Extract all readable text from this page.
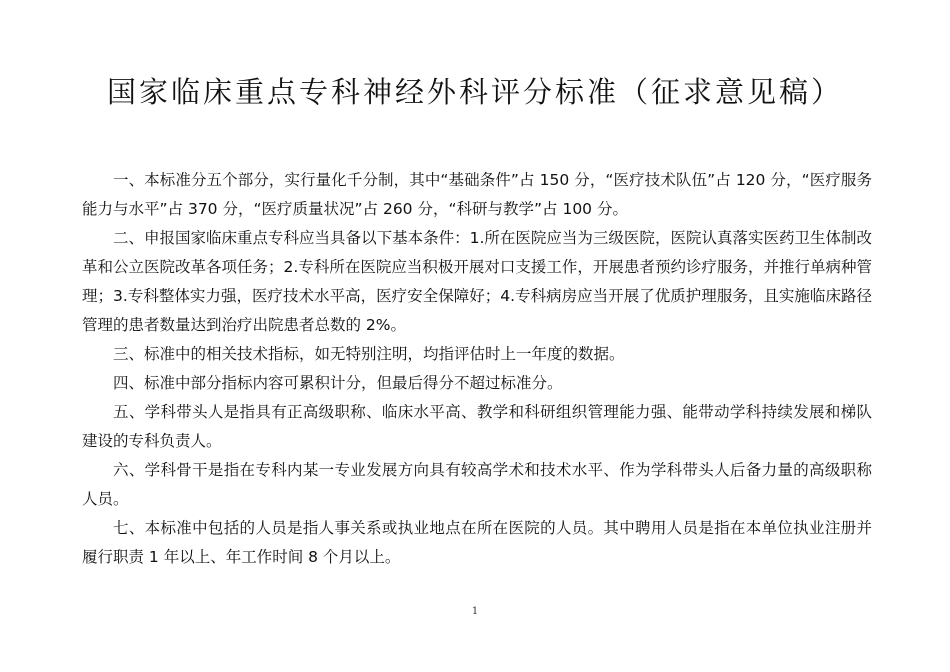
国家临床重点专科神经外科评分标准（征求意见稿）

一、本标准分五个部分，实行量化千分制，其中“基础条件”占 150 分，“医疗技术队伍”占 120 分，“医疗服务能力与水平”占 370 分，“医疗质量状况”占 260 分，“科研与教学”占 100 分。

二、申报国家临床重点专科应当具备以下基本条件：1.所在医院应当为三级医院，医院认真落实医药卫生体制改革和公立医院改革各项任务；2.专科所在医院应当积极开展对口支援工作，开展患者预约诊疗服务，并推行单病种管理；3.专科整体实力强，医疗技术水平高，医疗安全保障好；4.专科病房应当开展了优质护理服务，且实施临床路径管理的患者数量达到治疗出院患者总数的 2%。

三、标准中的相关技术指标，如无特别注明，均指评估时上一年度的数据。

四、标准中部分指标内容可累积计分，但最后得分不超过标准分。

五、学科带头人是指具有正高级职称、临床水平高、教学和科研组织管理能力强、能带动学科持续发展和梯队建设的专科负责人。

六、学科骨干是指在专科内某一专业发展方向具有较高学术和技术水平、作为学科带头人后备力量的高级职称人员。

七、本标准中包括的人员是指人事关系或执业地点在所在医院的人员。其中聘用人员是指在本单位执业注册并履行职责 1 年以上、年工作时间 8 个月以上。

1
